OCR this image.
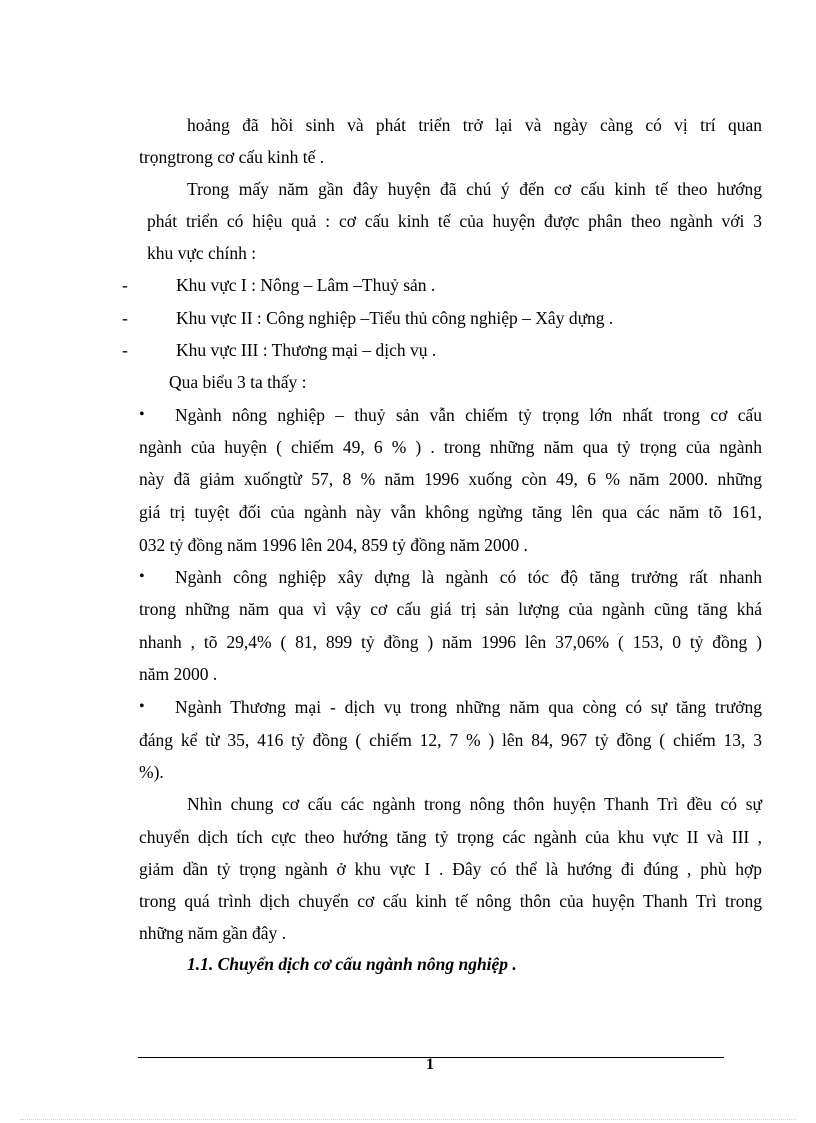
hoảng đã hồi sinh và phát triển trở lại và ngày càng có vị trí quan
trọngtrong cơ cấu kinh tế .
Trong mấy năm gần đây huyện đã chú ý đến cơ cấu kinh tế theo hướng
phát triển có hiệu quả : cơ cấu kinh tế của huyện được phân theo ngành với 3
khu vực chính :
-	Khu vực I : Nông – Lâm –Thuỷ sản .
-	Khu vực II : Công nghiệp –Tiểu thủ công nghiệp – Xây dựng .
-	Khu vực III : Thương mại – dịch vụ .
Qua biểu 3 ta thấy :
• Ngành nông nghiệp – thuỷ sản vẫn chiếm tỷ trọng lớn nhất trong cơ cấu
ngành của huyện ( chiếm 49, 6 % ) . trong những năm qua tỷ trọng của ngành
này đã giảm xuốngtừ 57, 8 % năm 1996 xuống còn 49, 6 % năm 2000. những
giá trị tuyệt đối của ngành này vẫn không ngừng tăng lên qua các năm tõ 161,
032 tỷ đồng năm 1996 lên 204, 859 tỷ đồng năm 2000 .
• Ngành công nghiệp xây dựng là ngành có tóc độ tăng trưởng rất nhanh
trong những năm qua vì vậy cơ cấu giá trị sản lượng của ngành cũng tăng khá
nhanh , tõ 29,4% ( 81, 899 tỷ đồng ) năm 1996 lên 37,06% ( 153, 0 tỷ đồng )
năm 2000 .
• Ngành Thương mại - dịch vụ trong những năm qua còng có sự tăng trưởng
đáng kể từ 35, 416 tỷ đồng ( chiếm 12, 7 % ) lên 84, 967 tỷ đồng ( chiếm 13, 3
%).
Nhìn chung cơ cấu các ngành trong nông thôn huyện Thanh Trì đều có sự
chuyển dịch tích cực theo hướng tăng tỷ trọng các ngành của khu vực II và III ,
giảm dần tỷ trọng ngành ở khu vực I . Đây có thể là hướng đi đúng , phù hợp
trong quá trình dịch chuyển cơ cấu kinh tế nông thôn của huyện Thanh Trì trong
những năm gần đây .
1.1. Chuyển dịch cơ cấu ngành nông nghiệp .
1
